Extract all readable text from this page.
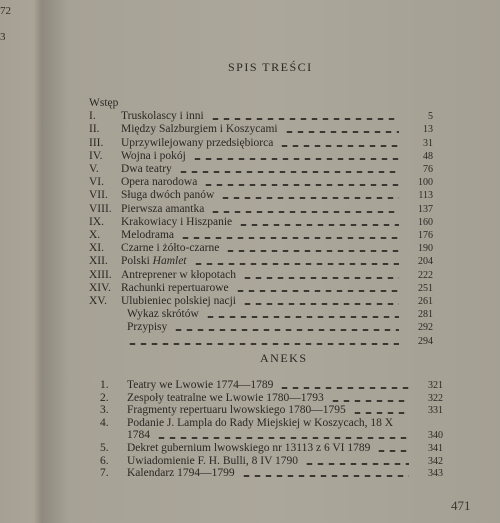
72
3
SPIS TREŚCI
Wstęp
I. Truskolascy i inni	5
II. Między Salzburgiem i Koszycami	13
III. Uprzywilejowany przedsiębiorca	31
IV. Wojna i pokój	48
V. Dwa teatry	76
VI. Opera narodowa	100
VII. Sługa dwóch panów	113
VIII. Pierwsza amantka	137
IX. Krakowiacy i Hiszpanie	160
X. Melodrama	176
XI. Czarne i żółto-czarne	190
XII. Polski Hamlet	204
XIII. Antreprener w kłopotach	222
XIV. Rachunki repertuarowe	251
XV. Ulubieniec polskiej nacji	261
Wykaz skrótów	281
Przypisy	292
294
ANEKS
1. Teatry we Lwowie 1774—1789	321
2. Zespoły teatralne we Lwowie 1780—1793	322
3. Fragmenty repertuaru lwowskiego 1780—1795	331
4. Podanie J. Lampla do Rady Miejskiej w Koszycach, 18 X
1784	340
5. Dekret gubernium lwowskiego nr 13113 z 6 VI 1789	341
6. Uwiadomienie F. H. Bulli, 8 IV 1790	342
7. Kalendarz 1794—1799	343
471
